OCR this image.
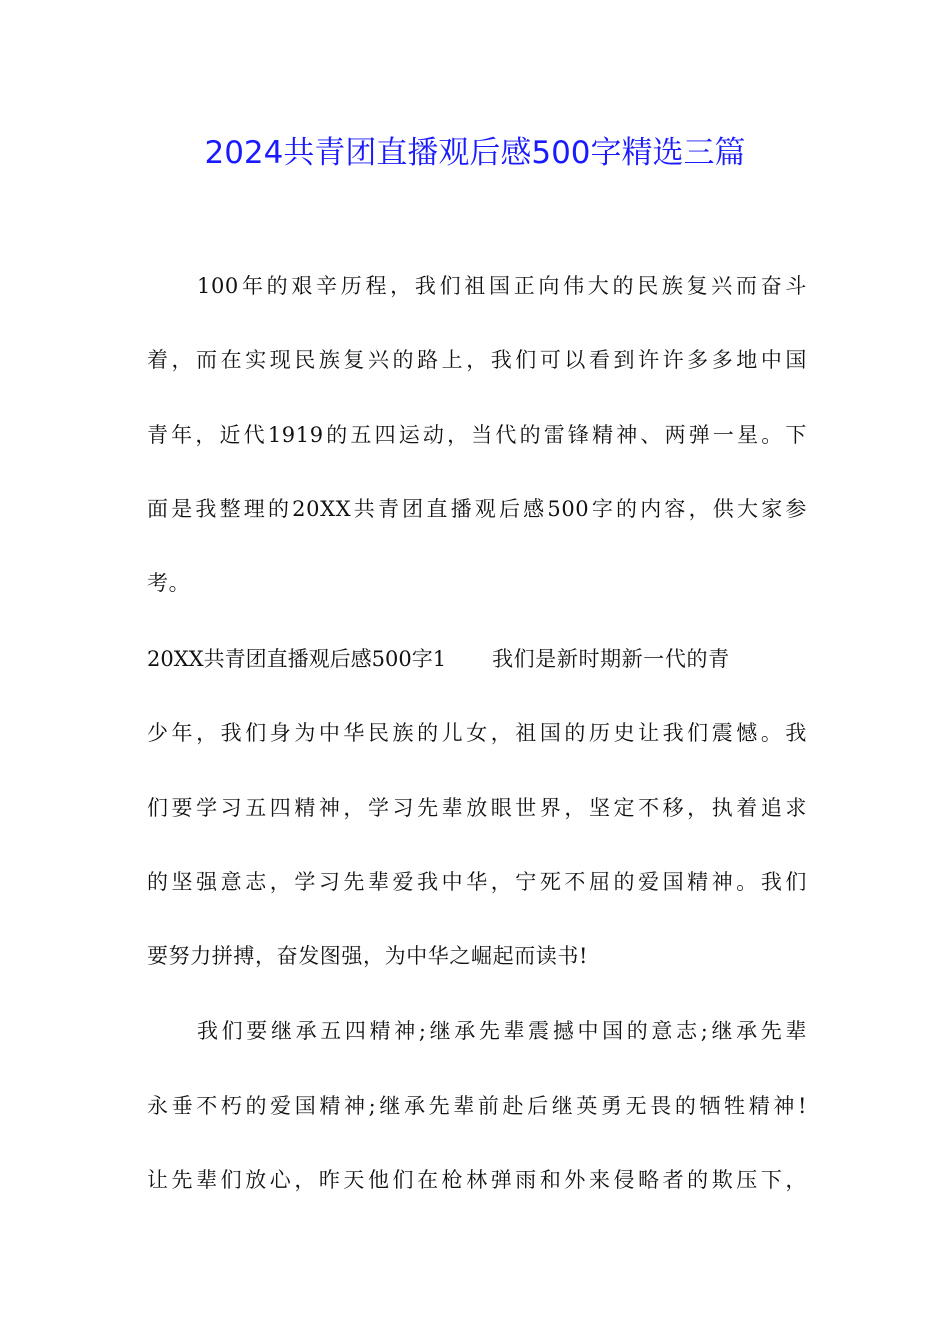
2024共青团直播观后感500字精选三篇
100年的艰辛历程，我们祖国正向伟大的民族复兴而奋斗
着，而在实现民族复兴的路上，我们可以看到许许多多地中国
青年，近代1919的五四运动，当代的雷锋精神、两弹一星。下
面是我整理的20XX共青团直播观后感500字的内容，供大家参
考。
20XX共青团直播观后感500字1 我们是新时期新一代的青
少年，我们身为中华民族的儿女，祖国的历史让我们震憾。我
们要学习五四精神，学习先辈放眼世界，坚定不移，执着追求
的坚强意志，学习先辈爱我中华，宁死不屈的爱国精神。我们
要努力拼搏，奋发图强，为中华之崛起而读书!
我们要继承五四精神;继承先辈震撼中国的意志;继承先辈
永垂不朽的爱国精神;继承先辈前赴后继英勇无畏的牺牲精神!
让先辈们放心，昨天他们在枪林弹雨和外来侵略者的欺压下，
